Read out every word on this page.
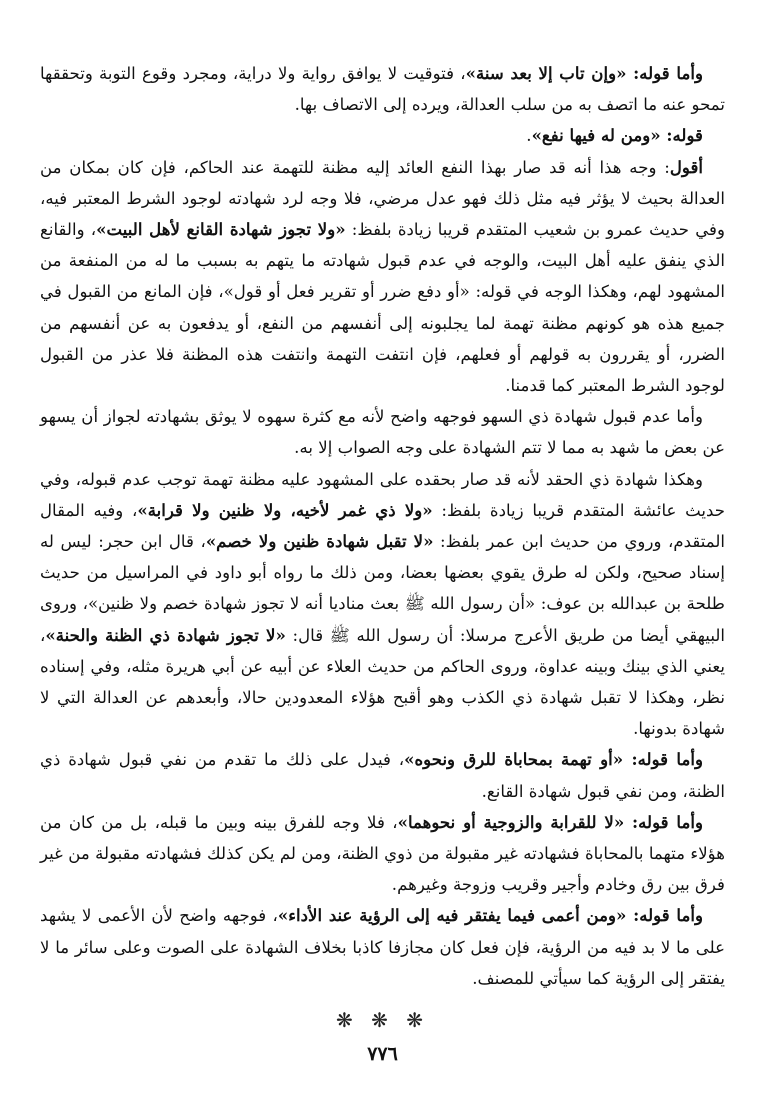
وأما قوله: «وإن تاب إلا بعد سنة»، فتوقيت لا يوافق رواية ولا دراية، ومجرد وقوع التوبة وتحققها تمحو عنه ما اتصف به من سلب العدالة، ويرده إلى الاتصاف بها.

قوله: «ومن له فيها نفع».

أقول: وجه هذا أنه قد صار بهذا النفع العائد إليه مظنة للتهمة عند الحاكم، فإن كان بمكان من العدالة بحيث لا يؤثر فيه مثل ذلك فهو عدل مرضي، فلا وجه لرد شهادته لوجود الشرط المعتبر فيه، وفي حديث عمرو بن شعيب المتقدم قريبا زيادة بلفظ: «ولا تجوز شهادة القانع لأهل البيت»، والقانع الذي ينفق عليه أهل البيت، والوجه في عدم قبول شهادته ما يتهم به بسبب ما له من المنفعة من المشهود لهم، وهكذا الوجه في قوله: «أو دفع ضرر أو تقرير فعل أو قول»، فإن المانع من القبول في جميع هذه هو كونهم مظنة تهمة لما يجلبونه إلى أنفسهم من النفع، أو يدفعون به عن أنفسهم من الضرر، أو يقررون به قولهم أو فعلهم، فإن انتفت التهمة وانتفت هذه المظنة فلا عذر من القبول لوجود الشرط المعتبر كما قدمنا.

وأما عدم قبول شهادة ذي السهو فوجهه واضح لأنه مع كثرة سهوه لا يوثق بشهادته لجواز أن يسهو عن بعض ما شهد به مما لا تتم الشهادة على وجه الصواب إلا به.

وهكذا شهادة ذي الحقد لأنه قد صار بحقده على المشهود عليه مظنة تهمة توجب عدم قبوله، وفي حديث عائشة المتقدم قريبا زيادة بلفظ: «ولا ذي غمر لأخيه، ولا ظنين ولا قرابة»، وفيه المقال المتقدم، وروي من حديث ابن عمر بلفظ: «لا تقبل شهادة ظنين ولا خصم»، قال ابن حجر: ليس له إسناد صحيح، ولكن له طرق يقوي بعضها بعضا، ومن ذلك ما رواه أبو داود في المراسيل من حديث طلحة بن عبدالله بن عوف: «أن رسول الله ﷺ بعث مناديا أنه لا تجوز شهادة خصم ولا ظنين»، وروى البيهقي أيضا من طريق الأعرج مرسلا: أن رسول الله ﷺ قال: «لا تجوز شهادة ذي الظنة والحنة»، يعني الذي بينك وبينه عداوة، وروى الحاكم من حديث العلاء عن أبيه عن أبي هريرة مثله، وفي إسناده نظر، وهكذا لا تقبل شهادة ذي الكذب وهو أقبح هؤلاء المعدودين حالا، وأبعدهم عن العدالة التي لا شهادة بدونها.

وأما قوله: «أو تهمة بمحاباة للرق ونحوه»، فيدل على ذلك ما تقدم من نفي قبول شهادة ذي الظنة، ومن نفي قبول شهادة القانع.

وأما قوله: «لا للقرابة والزوجية أو نحوهما»، فلا وجه للفرق بينه وبين ما قبله، بل من كان من هؤلاء متهما بالمحاباة فشهادته غير مقبولة من ذوي الظنة، ومن لم يكن كذلك فشهادته مقبولة من غير فرق بين رق وخادم وأجير وقريب وزوجة وغيرهم.

وأما قوله: «ومن أعمى فيما يفتقر فيه إلى الرؤية عند الأداء»، فوجهه واضح لأن الأعمى لا يشهد على ما لا بد فيه من الرؤية، فإن فعل كان مجازفا كاذبا بخلاف الشهادة على الصوت وعلى سائر ما لا يفتقر إلى الرؤية كما سيأتي للمصنف.

❋ ❋ ❋
٧٧٦
